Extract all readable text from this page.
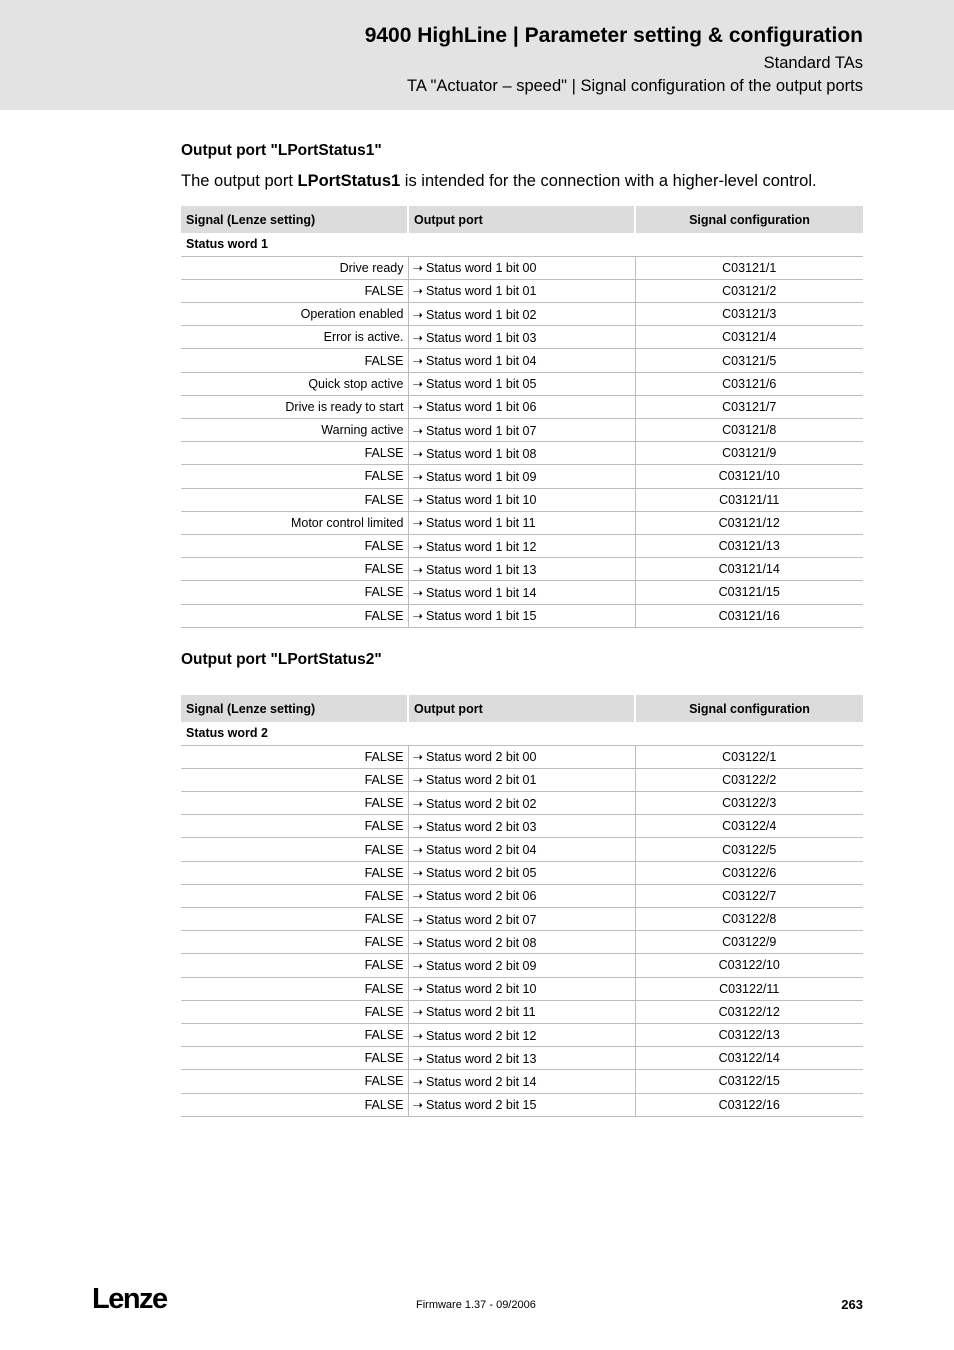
9400 HighLine | Parameter setting & configuration
Standard TAs
TA "Actuator – speed" | Signal configuration of the output ports
Output port "LPortStatus1"
The output port LPortStatus1 is intended for the connection with a higher-level control.
Signal (Lenze setting)	Output port	Signal configuration
Status word 1		
Drive ready	➝ Status word 1 bit 00	C03121/1
FALSE	➝ Status word 1 bit 01	C03121/2
Operation enabled	➝ Status word 1 bit 02	C03121/3
Error is active.	➝ Status word 1 bit 03	C03121/4
FALSE	➝ Status word 1 bit 04	C03121/5
Quick stop active	➝ Status word 1 bit 05	C03121/6
Drive is ready to start	➝ Status word 1 bit 06	C03121/7
Warning active	➝ Status word 1 bit 07	C03121/8
FALSE	➝ Status word 1 bit 08	C03121/9
FALSE	➝ Status word 1 bit 09	C03121/10
FALSE	➝ Status word 1 bit 10	C03121/11
Motor control limited	➝ Status word 1 bit 11	C03121/12
FALSE	➝ Status word 1 bit 12	C03121/13
FALSE	➝ Status word 1 bit 13	C03121/14
FALSE	➝ Status word 1 bit 14	C03121/15
FALSE	➝ Status word 1 bit 15	C03121/16
Output port "LPortStatus2"
Signal (Lenze setting)	Output port	Signal configuration
Status word 2		
FALSE	➝ Status word 2 bit 00	C03122/1
FALSE	➝ Status word 2 bit 01	C03122/2
FALSE	➝ Status word 2 bit 02	C03122/3
FALSE	➝ Status word 2 bit 03	C03122/4
FALSE	➝ Status word 2 bit 04	C03122/5
FALSE	➝ Status word 2 bit 05	C03122/6
FALSE	➝ Status word 2 bit 06	C03122/7
FALSE	➝ Status word 2 bit 07	C03122/8
FALSE	➝ Status word 2 bit 08	C03122/9
FALSE	➝ Status word 2 bit 09	C03122/10
FALSE	➝ Status word 2 bit 10	C03122/11
FALSE	➝ Status word 2 bit 11	C03122/12
FALSE	➝ Status word 2 bit 12	C03122/13
FALSE	➝ Status word 2 bit 13	C03122/14
FALSE	➝ Status word 2 bit 14	C03122/15
FALSE	➝ Status word 2 bit 15	C03122/16
Lenze	Firmware 1.37 - 09/2006	263
